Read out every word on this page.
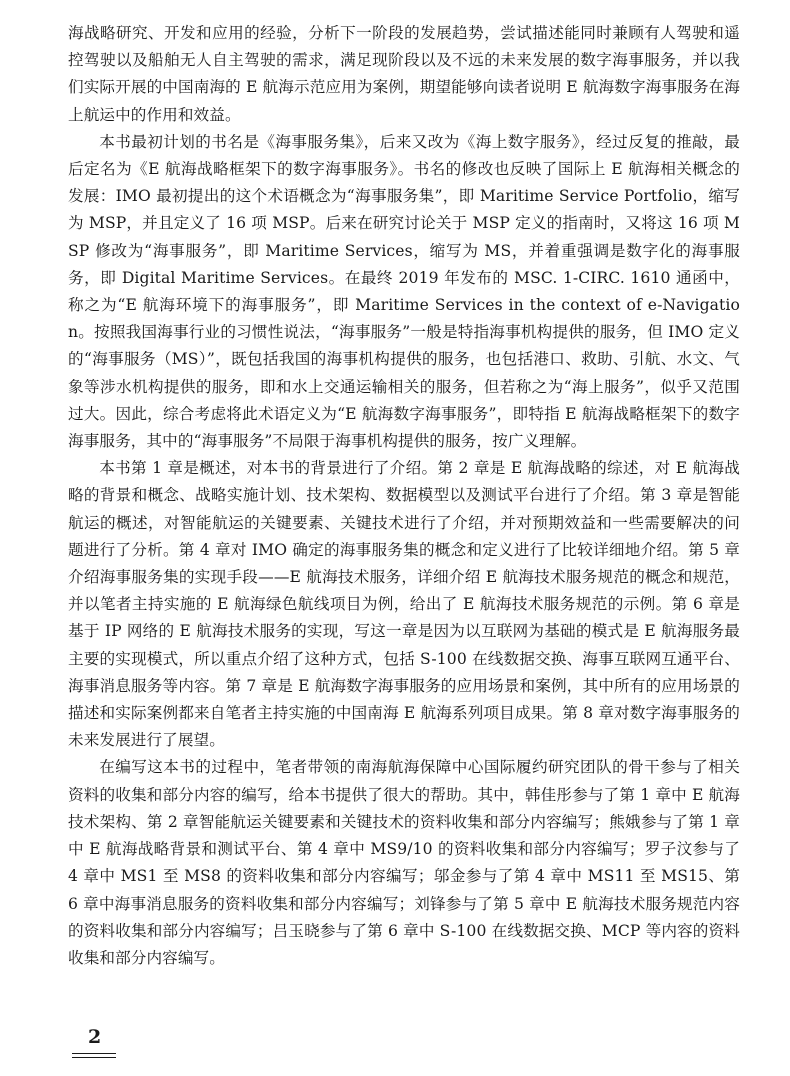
海战略研究、开发和应用的经验，分析下一阶段的发展趋势，尝试描述能同时兼顾有人驾驶和遥控驾驶以及船舶无人自主驾驶的需求，满足现阶段以及不远的未来发展的数字海事服务，并以我们实际开展的中国南海的 E 航海示范应用为案例，期望能够向读者说明 E 航海数字海事服务在海上航运中的作用和效益。

本书最初计划的书名是《海事服务集》，后来又改为《海上数字服务》，经过反复的推敲，最后定名为《E 航海战略框架下的数字海事服务》。书名的修改也反映了国际上 E 航海相关概念的发展：IMO 最初提出的这个术语概念为“海事服务集”，即 Maritime Service Portfolio，缩写为 MSP，并且定义了 16 项 MSP。后来在研究讨论关于 MSP 定义的指南时，又将这 16 项 MSP 修改为“海事服务”，即 Maritime Services，缩写为 MS，并着重强调是数字化的海事服务，即 Digital Maritime Services。在最终 2019 年发布的 MSC. 1-CIRC. 1610 通函中，称之为“E 航海环境下的海事服务”，即 Maritime Services in the context of e-Navigation。按照我国海事行业的习惯性说法，“海事服务”一般是特指海事机构提供的服务，但 IMO 定义的“海事服务（MS）”，既包括我国的海事机构提供的服务，也包括港口、救助、引航、水文、气象等涉水机构提供的服务，即和水上交通运输相关的服务，但若称之为“海上服务”，似乎又范围过大。因此，综合考虑将此术语定义为“E 航海数字海事服务”，即特指 E 航海战略框架下的数字海事服务，其中的“海事服务”不局限于海事机构提供的服务，按广义理解。

本书第 1 章是概述，对本书的背景进行了介绍。第 2 章是 E 航海战略的综述，对 E 航海战略的背景和概念、战略实施计划、技术架构、数据模型以及测试平台进行了介绍。第 3 章是智能航运的概述，对智能航运的关键要素、关键技术进行了介绍，并对预期效益和一些需要解决的问题进行了分析。第 4 章对 IMO 确定的海事服务集的概念和定义进行了比较详细地介绍。第 5 章介绍海事服务集的实现手段——E 航海技术服务，详细介绍 E 航海技术服务规范的概念和规范，并以笔者主持实施的 E 航海绿色航线项目为例，给出了 E 航海技术服务规范的示例。第 6 章是基于 IP 网络的 E 航海技术服务的实现，写这一章是因为以互联网为基础的模式是 E 航海服务最主要的实现模式，所以重点介绍了这种方式，包括 S-100 在线数据交换、海事互联网互通平台、海事消息服务等内容。第 7 章是 E 航海数字海事服务的应用场景和案例，其中所有的应用场景的描述和实际案例都来自笔者主持实施的中国南海 E 航海系列项目成果。第 8 章对数字海事服务的未来发展进行了展望。

在编写这本书的过程中，笔者带领的南海航海保障中心国际履约研究团队的骨干参与了相关资料的收集和部分内容的编写，给本书提供了很大的帮助。其中，韩佳彤参与了第 1 章中 E 航海技术架构、第 2 章智能航运关键要素和关键技术的资料收集和部分内容编写；熊娥参与了第 1 章中 E 航海战略背景和测试平台、第 4 章中 MS9/10 的资料收集和部分内容编写；罗子汶参与了 4 章中 MS1 至 MS8 的资料收集和部分内容编写；邬金参与了第 4 章中 MS11 至 MS15、第 6 章中海事消息服务的资料收集和部分内容编写；刘锋参与了第 5 章中 E 航海技术服务规范内容的资料收集和部分内容编写；吕玉晓参与了第 6 章中 S-100 在线数据交换、MCP 等内容的资料收集和部分内容编写。

2
